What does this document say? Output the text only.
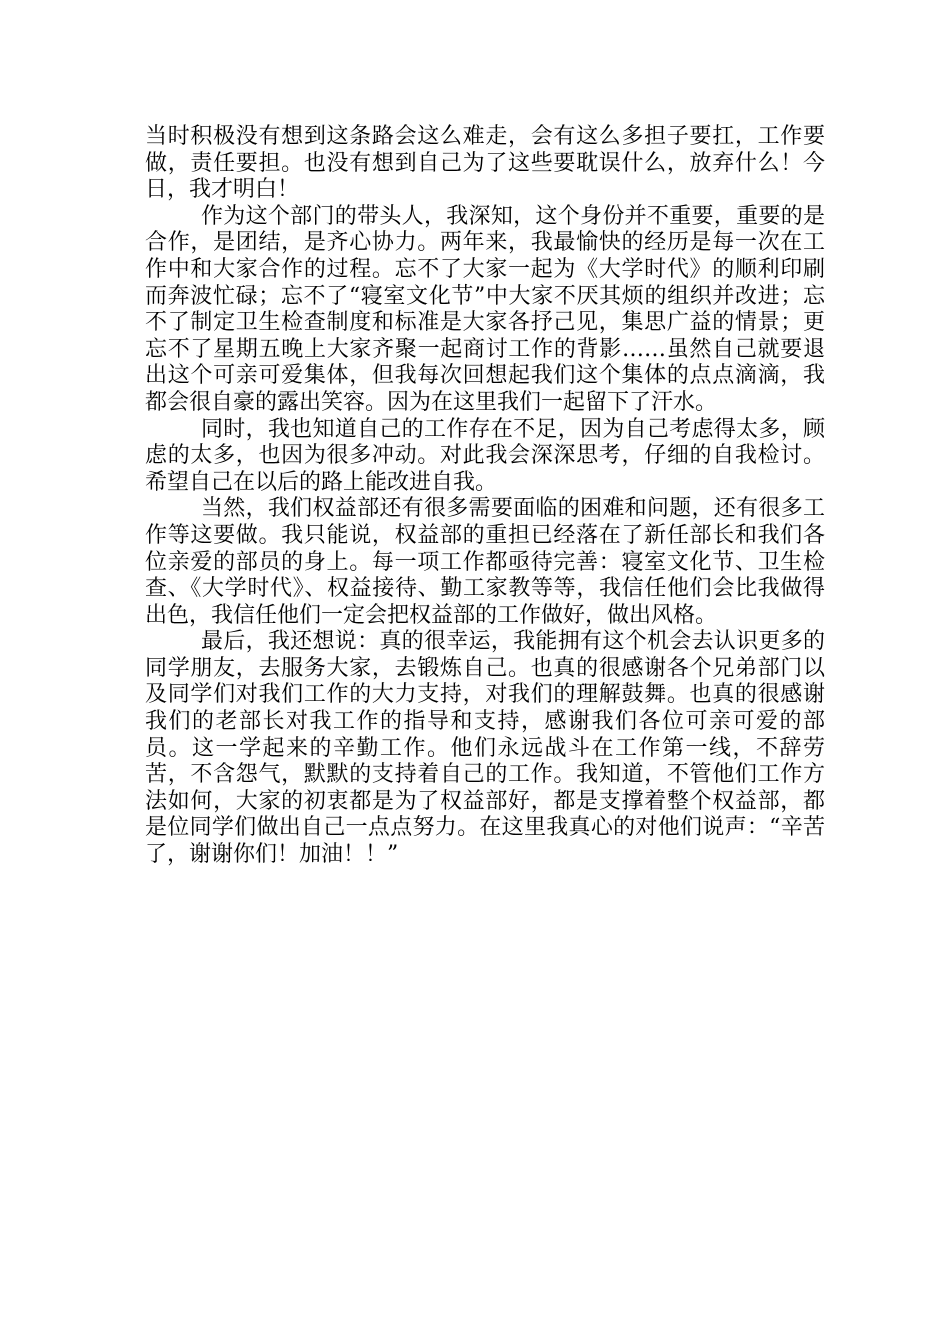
当时积极没有想到这条路会这么难走，会有这么多担子要扛，工作要做，责任要担。也没有想到自己为了这些要耽误什么，放弃什么！今日，我才明白！

作为这个部门的带头人，我深知，这个身份并不重要，重要的是合作，是团结，是齐心协力。两年来，我最愉快的经历是每一次在工作中和大家合作的过程。忘不了大家一起为《大学时代》的顺利印刷而奔波忙碌；忘不了“寝室文化节”中大家不厌其烦的组织并改进；忘不了制定卫生检查制度和标准是大家各抒己见，集思广益的情景；更忘不了星期五晚上大家齐聚一起商讨工作的背影……虽然自己就要退出这个可亲可爱集体，但我每次回想起我们这个集体的点点滴滴，我都会很自豪的露出笑容。因为在这里我们一起留下了汗水。

同时，我也知道自己的工作存在不足，因为自己考虑得太多，顾虑的太多，也因为很多冲动。对此我会深深思考，仔细的自我检讨。希望自己在以后的路上能改进自我。

当然，我们权益部还有很多需要面临的困难和问题，还有很多工作等这要做。我只能说，权益部的重担已经落在了新任部长和我们各位亲爱的部员的身上。每一项工作都亟待完善：寝室文化节、卫生检查、《大学时代》、权益接待、勤工家教等等，我信任他们会比我做得出色，我信任他们一定会把权益部的工作做好，做出风格。

最后，我还想说：真的很幸运，我能拥有这个机会去认识更多的同学朋友，去服务大家，去锻炼自己。也真的很感谢各个兄弟部门以及同学们对我们工作的大力支持，对我们的理解鼓舞。也真的很感谢我们的老部长对我工作的指导和支持，感谢我们各位可亲可爱的部员。这一学起来的辛勤工作。他们永远战斗在工作第一线，不辞劳苦，不含怨气，默默的支持着自己的工作。我知道，不管他们工作方法如何，大家的初衷都是为了权益部好，都是支撑着整个权益部，都是位同学们做出自己一点点努力。在这里我真心的对他们说声：“辛苦了，谢谢你们！加油！！”
